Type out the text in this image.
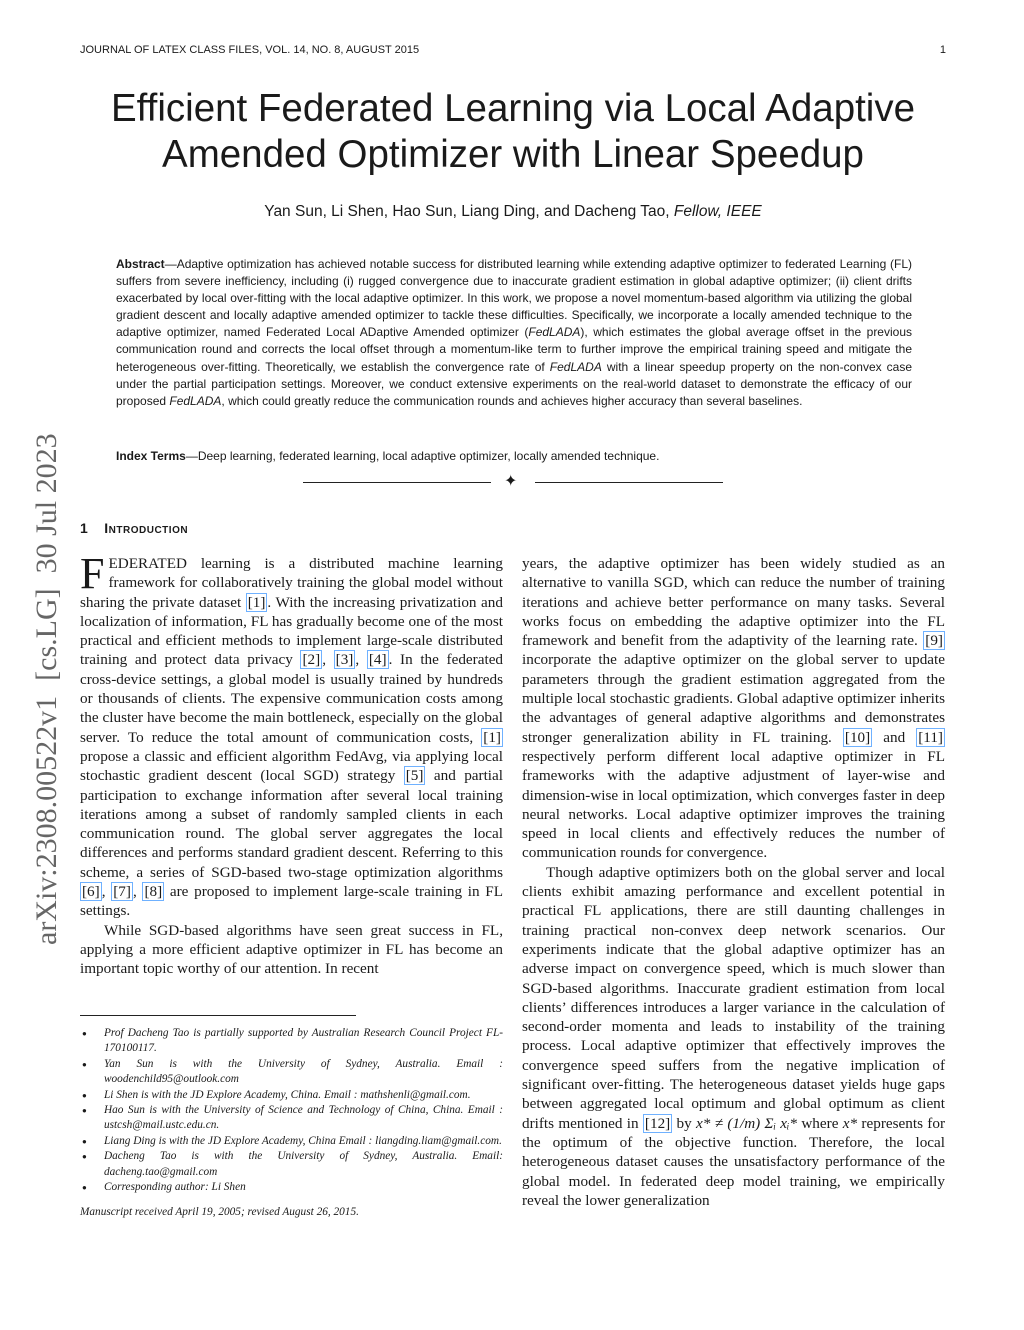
JOURNAL OF LATEX CLASS FILES, VOL. 14, NO. 8, AUGUST 2015	1
arXiv:2308.00522v1  [cs.LG]  30 Jul 2023
Efficient Federated Learning via Local Adaptive
Amended Optimizer with Linear Speedup
Yan Sun, Li Shen, Hao Sun, Liang Ding, and Dacheng Tao, Fellow, IEEE
Abstract—Adaptive optimization has achieved notable success for distributed learning while extending adaptive optimizer to federated Learning (FL) suffers from severe inefficiency, including (i) rugged convergence due to inaccurate gradient estimation in global adaptive optimizer; (ii) client drifts exacerbated by local over-fitting with the local adaptive optimizer. In this work, we propose a novel momentum-based algorithm via utilizing the global gradient descent and locally adaptive amended optimizer to tackle these difficulties. Specifically, we incorporate a locally amended technique to the adaptive optimizer, named Federated Local ADaptive Amended optimizer (FedLADA), which estimates the global average offset in the previous communication round and corrects the local offset through a momentum-like term to further improve the empirical training speed and mitigate the heterogeneous over-fitting. Theoretically, we establish the convergence rate of FedLADA with a linear speedup property on the non-convex case under the partial participation settings. Moreover, we conduct extensive experiments on the real-world dataset to demonstrate the efficacy of our proposed FedLADA, which could greatly reduce the communication rounds and achieves higher accuracy than several baselines.
Index Terms—Deep learning, federated learning, local adaptive optimizer, locally amended technique.
✦
1 Introduction

FEDERATED learning is a distributed machine learning framework for collaboratively training the global model without sharing the private dataset [1] . With the increasing privatization and localization of information, FL has gradually become one of the most practical and efficient methods to implement large-scale distributed training and protect data privacy [2] , [3] , [4] . In the federated cross-device settings, a global model is usually trained by hundreds or thousands of clients. The expensive communication costs among the cluster have become the main bottleneck, especially on the global server. To reduce the total amount of communication costs, [1] propose a classic and efficient algorithm FedAvg, via applying local stochastic gradient descent (local SGD) strategy [5] and partial participation to exchange information after several local training iterations among a subset of randomly sampled clients in each communication round. The global server aggregates the local differences and performs standard gradient descent. Referring to this scheme, a series of SGD-based two-stage optimization algorithms [6] , [7] , [8] are proposed to implement large-scale training in FL settings.

While SGD-based algorithms have seen great success in FL, applying a more efficient adaptive optimizer in FL has become an important topic worthy of our attention. In recent

● Prof Dacheng Tao is partially supported by Australian Research Council Project FL-170100117.
● Yan Sun is with the University of Sydney, Australia. Email : woodenchild95@outlook.com
● Li Shen is with the JD Explore Academy, China. Email : mathshenli@gmail.com.
● Hao Sun is with the University of Science and Technology of China, China. Email : ustcsh@mail.ustc.edu.cn.
● Liang Ding is with the JD Explore Academy, China Email : liangding.liam@gmail.com.
● Dacheng Tao is with the University of Sydney, Australia. Email: dacheng.tao@gmail.com
● Corresponding author: Li Shen
Manuscript received April 19, 2005; revised August 26, 2015.

years, the adaptive optimizer has been widely studied as an alternative to vanilla SGD, which can reduce the number of training iterations and achieve better performance on many tasks. Several works focus on embedding the adaptive optimizer into the FL framework and benefit from the adaptivity of the learning rate. [9] incorporate the adaptive optimizer on the global server to update parameters through the gradient estimation aggregated from the multiple local stochastic gradients. Global adaptive optimizer inherits the advantages of general adaptive algorithms and demonstrates stronger generalization ability in FL training. [10] and [11] respectively perform different local adaptive optimizer in FL frameworks with the adaptive adjustment of layer-wise and dimension-wise in local optimization, which converges faster in deep neural networks. Local adaptive optimizer improves the training speed in local clients and effectively reduces the number of communication rounds for convergence.

Though adaptive optimizers both on the global server and local clients exhibit amazing performance and excellent potential in practical FL applications, there are still daunting challenges in training practical non-convex deep network scenarios. Our experiments indicate that the global adaptive optimizer has an adverse impact on convergence speed, which is much slower than SGD-based algorithms. Inaccurate gradient estimation from local clients’ differences introduces a larger variance in the calculation of second-order momenta and leads to instability of the training process. Local adaptive optimizer that effectively improves the convergence speed suffers from the negative implication of significant over-fitting. The heterogeneous dataset yields huge gaps between aggregated local optimum and global optimum as client drifts mentioned in [12] by x* ≠ (1/m) Σᵢ xᵢ* where x* represents for the optimum of the objective function. Therefore, the local heterogeneous dataset causes the unsatisfactory performance of the global model. In federated deep model training, we empirically reveal the lower generalization
